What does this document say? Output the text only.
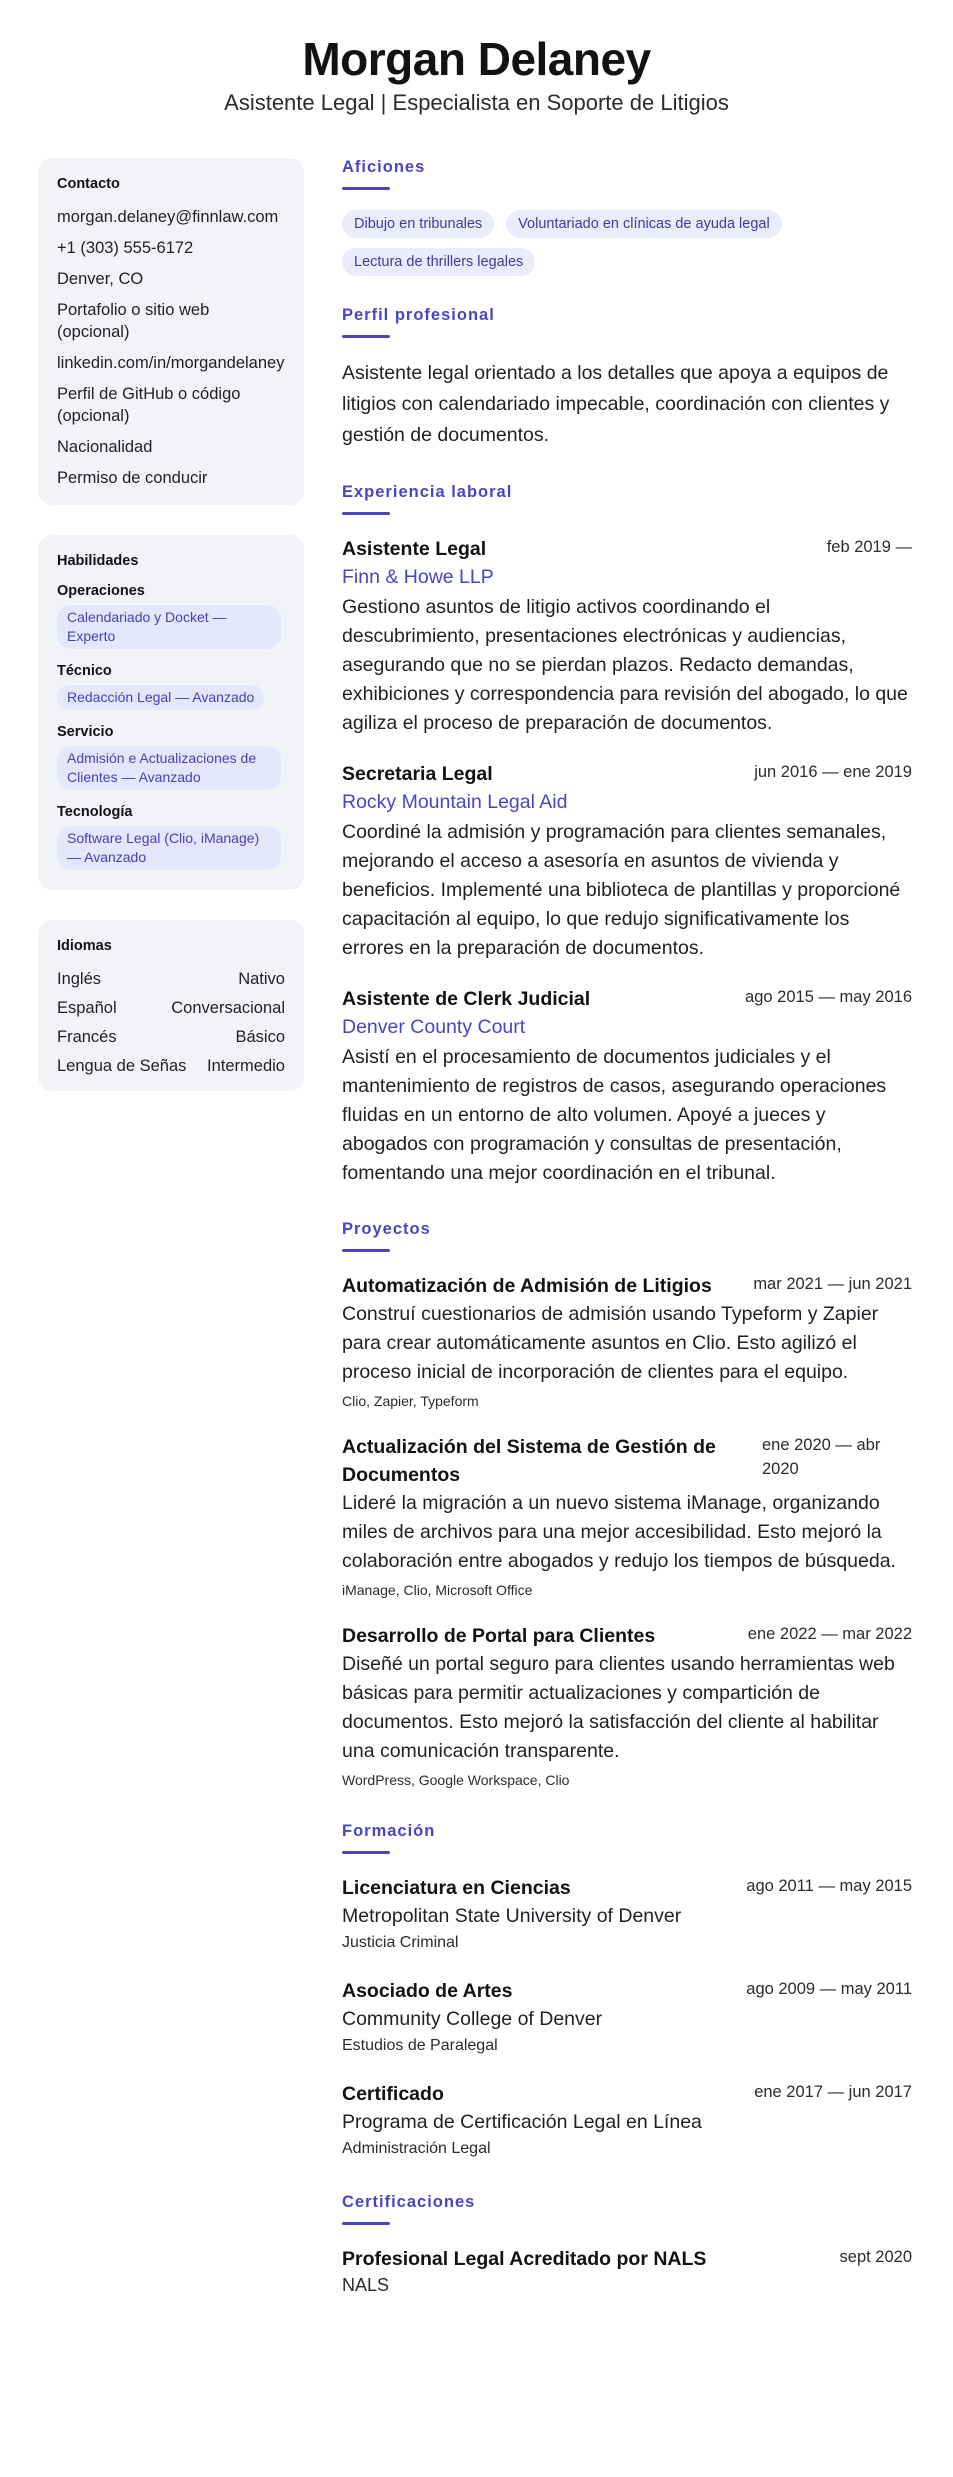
Morgan Delaney
Asistente Legal | Especialista en Soporte de Litigios
Contacto
morgan.delaney@finnlaw.com
+1 (303) 555-6172
Denver, CO
Portafolio o sitio web (opcional)
linkedin.com/in/morgandelaney
Perfil de GitHub o código (opcional)
Nacionalidad
Permiso de conducir
Habilidades
Operaciones
Calendariado y Docket — Experto
Técnico
Redacción Legal — Avanzado
Servicio
Admisión e Actualizaciones de Clientes — Avanzado
Tecnología
Software Legal (Clio, iManage) — Avanzado
Idiomas
Inglés	Nativo
Español	Conversacional
Francés	Básico
Lengua de Señas Intermedio
Aficiones
Dibujo en tribunales	Voluntariado en clínicas de ayuda legal
Lectura de thrillers legales
Perfil profesional
Asistente legal orientado a los detalles que apoya a equipos de litigios con calendariado impecable, coordinación con clientes y gestión de documentos.
Experiencia laboral
Asistente Legal	feb 2019 —
Finn & Howe LLP
Gestiono asuntos de litigio activos coordinando el descubrimiento, presentaciones electrónicas y audiencias, asegurando que no se pierdan plazos. Redacto demandas, exhibiciones y correspondencia para revisión del abogado, lo que agiliza el proceso de preparación de documentos.
Secretaria Legal	jun 2016 — ene 2019
Rocky Mountain Legal Aid
Coordiné la admisión y programación para clientes semanales, mejorando el acceso a asesoría en asuntos de vivienda y beneficios. Implementé una biblioteca de plantillas y proporcioné capacitación al equipo, lo que redujo significativamente los errores en la preparación de documentos.
Asistente de Clerk Judicial	ago 2015 — may 2016
Denver County Court
Asistí en el procesamiento de documentos judiciales y el mantenimiento de registros de casos, asegurando operaciones fluidas en un entorno de alto volumen. Apoyé a jueces y abogados con programación y consultas de presentación, fomentando una mejor coordinación en el tribunal.
Proyectos
Automatización de Admisión de Litigios	mar 2021 — jun 2021
Construí cuestionarios de admisión usando Typeform y Zapier para crear automáticamente asuntos en Clio. Esto agilizó el proceso inicial de incorporación de clientes para el equipo.
Clio, Zapier, Typeform
Actualización del Sistema de Gestión de Documentos
ene 2020 — abr 2020
Lideré la migración a un nuevo sistema iManage, organizando miles de archivos para una mejor accesibilidad. Esto mejoró la colaboración entre abogados y redujo los tiempos de búsqueda.
iManage, Clio, Microsoft Office
Desarrollo de Portal para Clientes	ene 2022 — mar 2022
Diseñé un portal seguro para clientes usando herramientas web básicas para permitir actualizaciones y compartición de documentos. Esto mejoró la satisfacción del cliente al habilitar una comunicación transparente.
WordPress, Google Workspace, Clio
Formación
Licenciatura en Ciencias	ago 2011 — may 2015
Metropolitan State University of Denver
Justicia Criminal
Asociado de Artes	ago 2009 — may 2011
Community College of Denver
Estudios de Paralegal
Certificado	ene 2017 — jun 2017
Programa de Certificación Legal en Línea
Administración Legal
Certificaciones
Profesional Legal Acreditado por NALS	sept 2020
NALS
